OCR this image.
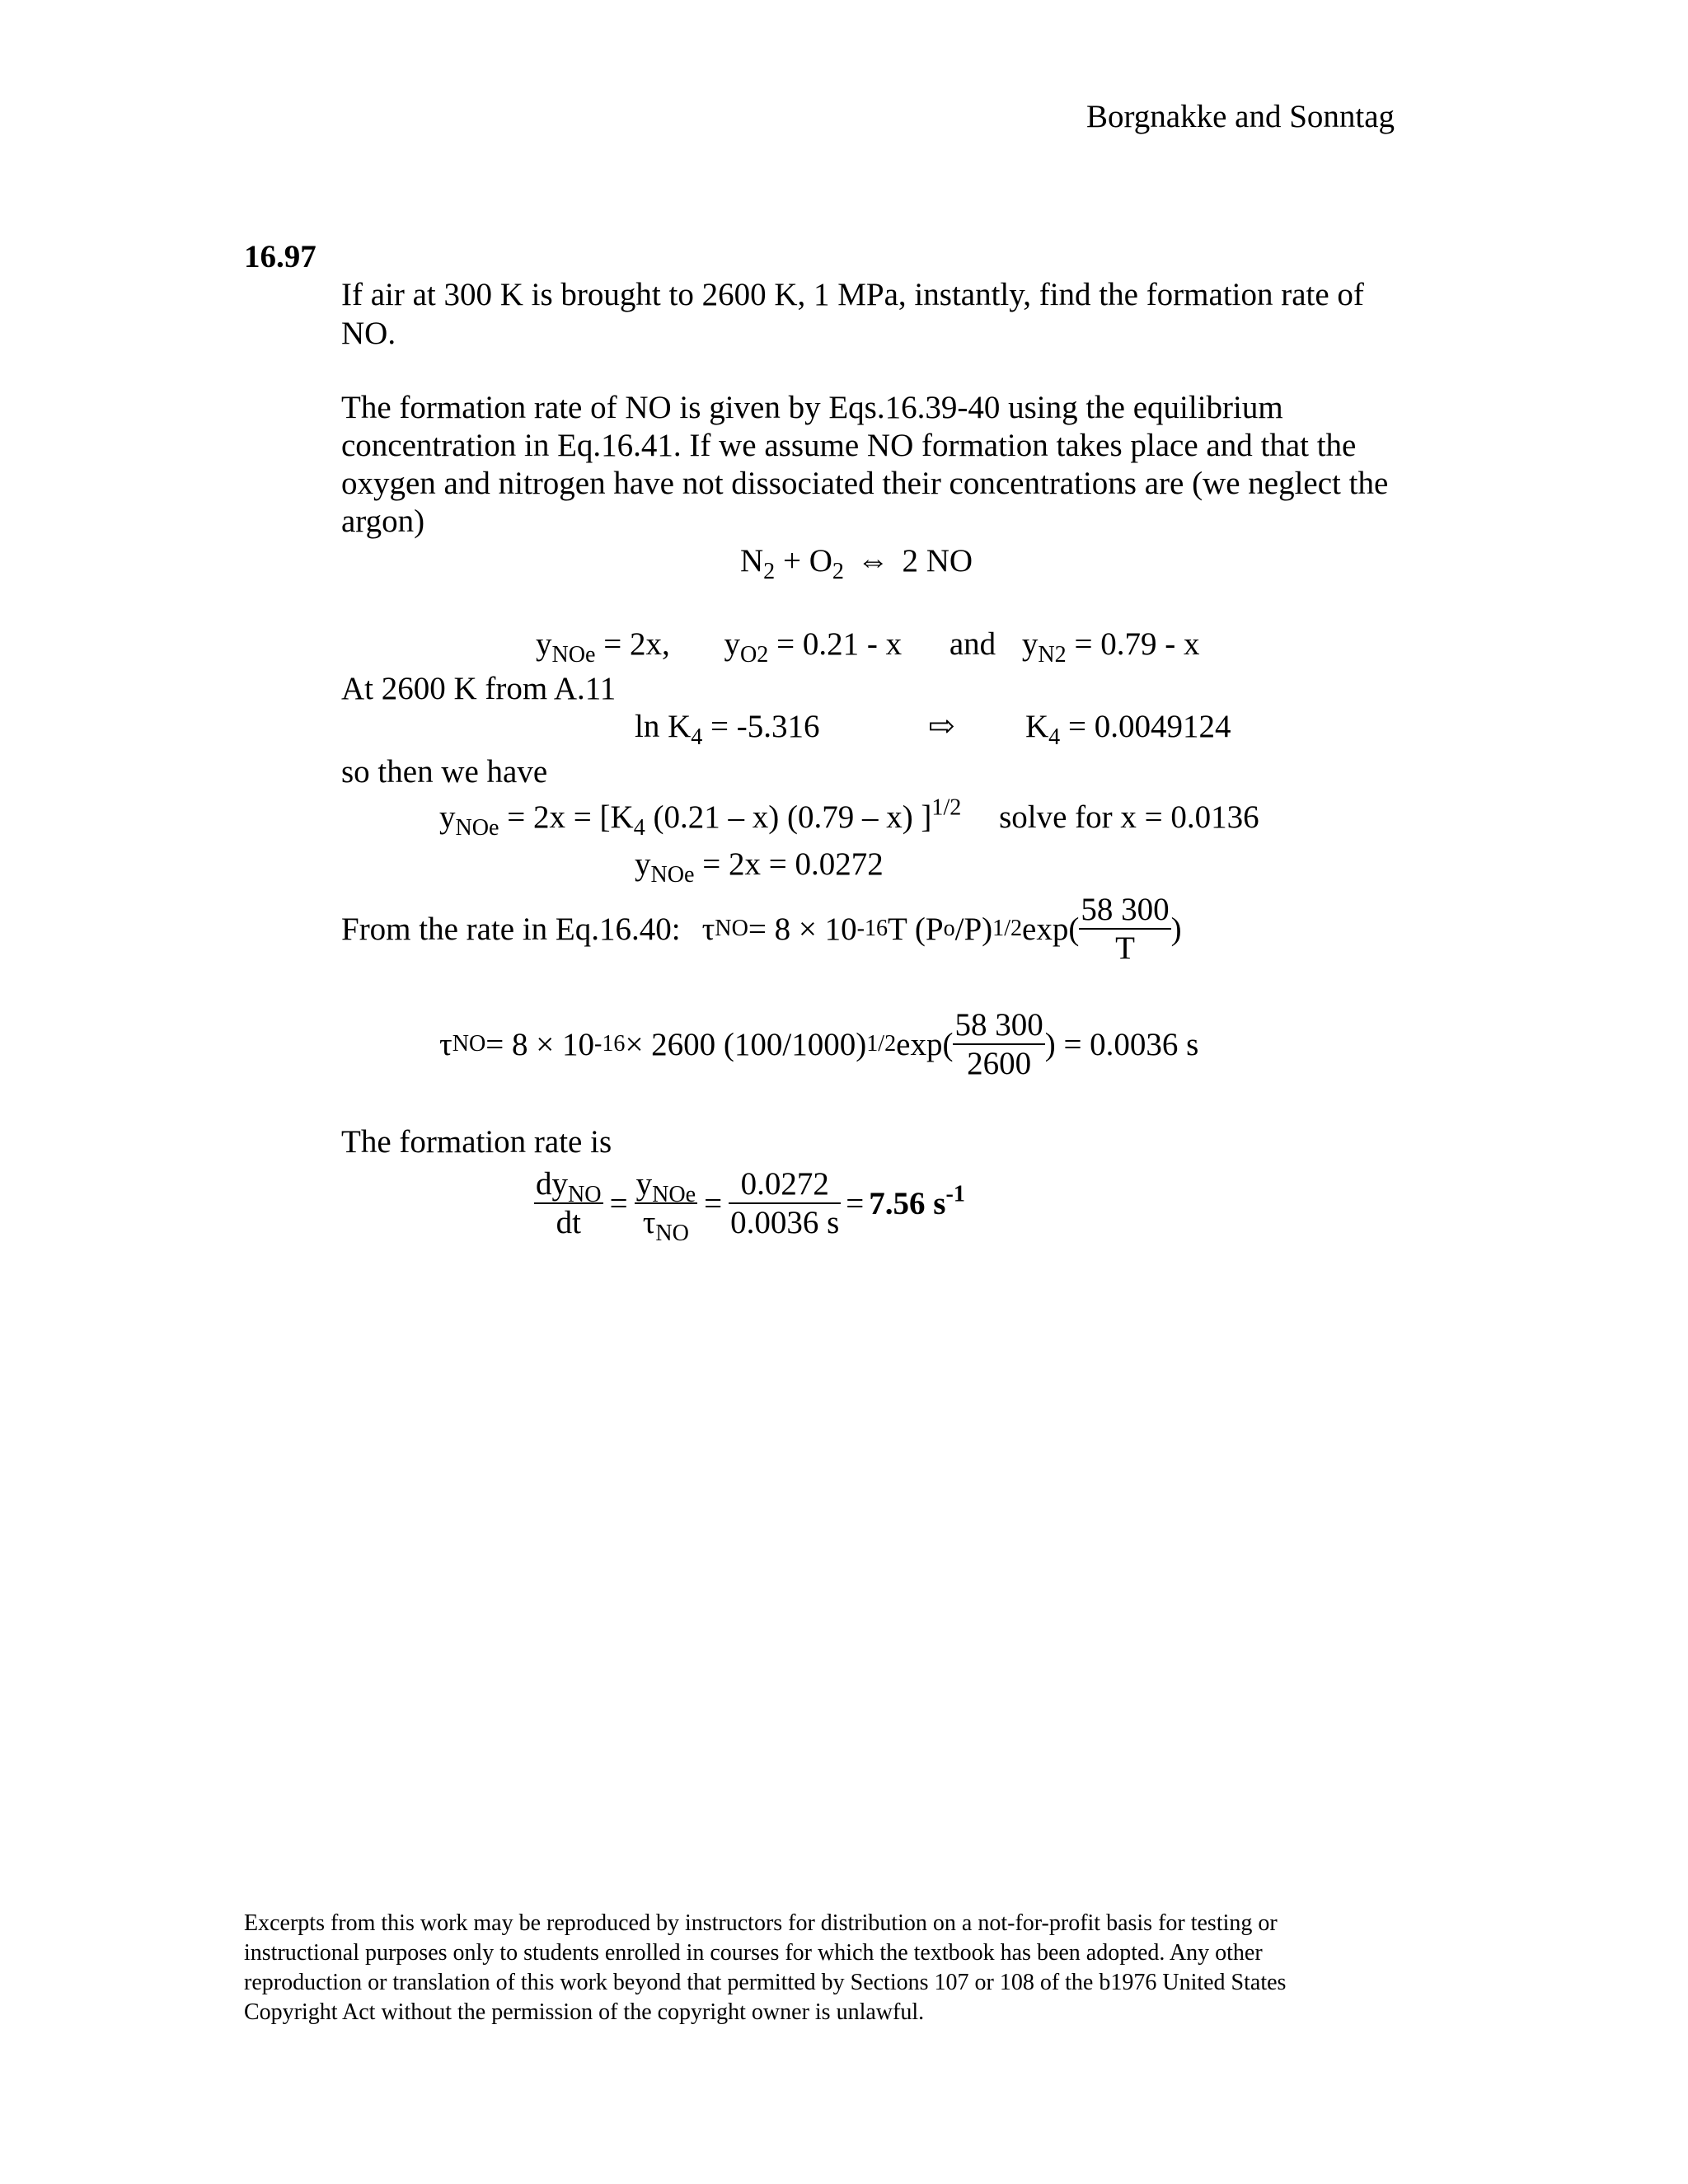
Borgnakke and Sonntag
16.97
If air at 300 K is brought to 2600 K, 1 MPa, instantly, find the formation rate of
NO.
The formation rate of NO is given by Eqs.16.39-40 using the equilibrium
concentration in Eq.16.41. If we assume NO formation takes place and that the
oxygen and nitrogen have not dissociated their concentrations are (we neglect the
argon)
$N_2 + O_2$ ⇔ 2 NO
$y_{NOe} = 2x$, $y_{O2} = 0.21 - x$ and $y_{N2} = 0.79 - x$
At 2600 K from A.11
$\ln K_4 = -5.316$	⇨ $K_4 = 0.0049124$
so then we have
$y_{NOe} = 2x = [K_4$ (0.21 – x) (0.79 – x) ]$^{1/2}$ solve for x = 0.0136
$y_{NOe} = 2x = 0.0272$
From the rate in Eq.16.40: τ NO = 8 × 10 -16 T (P o /P) 1/2 $\exp( \frac{58 300}{T}$ )
τ NO = 8 × 10 -16 × 2600 (100/1000) 1/2 $\exp( \frac{58 300}{2600}$ ) = 0.0036 s
The formation rate is
$\frac{dy_{NO}}{dt} = \frac{y_{NOe}}{\tau_{NO}} = \frac{0.0272}{0.0036 s} = 7.56$ $s^{-1}$
Excerpts from this work may be reproduced by instructors for distribution on a not-for-profit basis for testing or
instructional purposes only to students enrolled in courses for which the textbook has been adopted. Any other
reproduction or translation of this work beyond that permitted by Sections 107 or 108 of the b1976 United States
Copyright Act without the permission of the copyright owner is unlawful.
